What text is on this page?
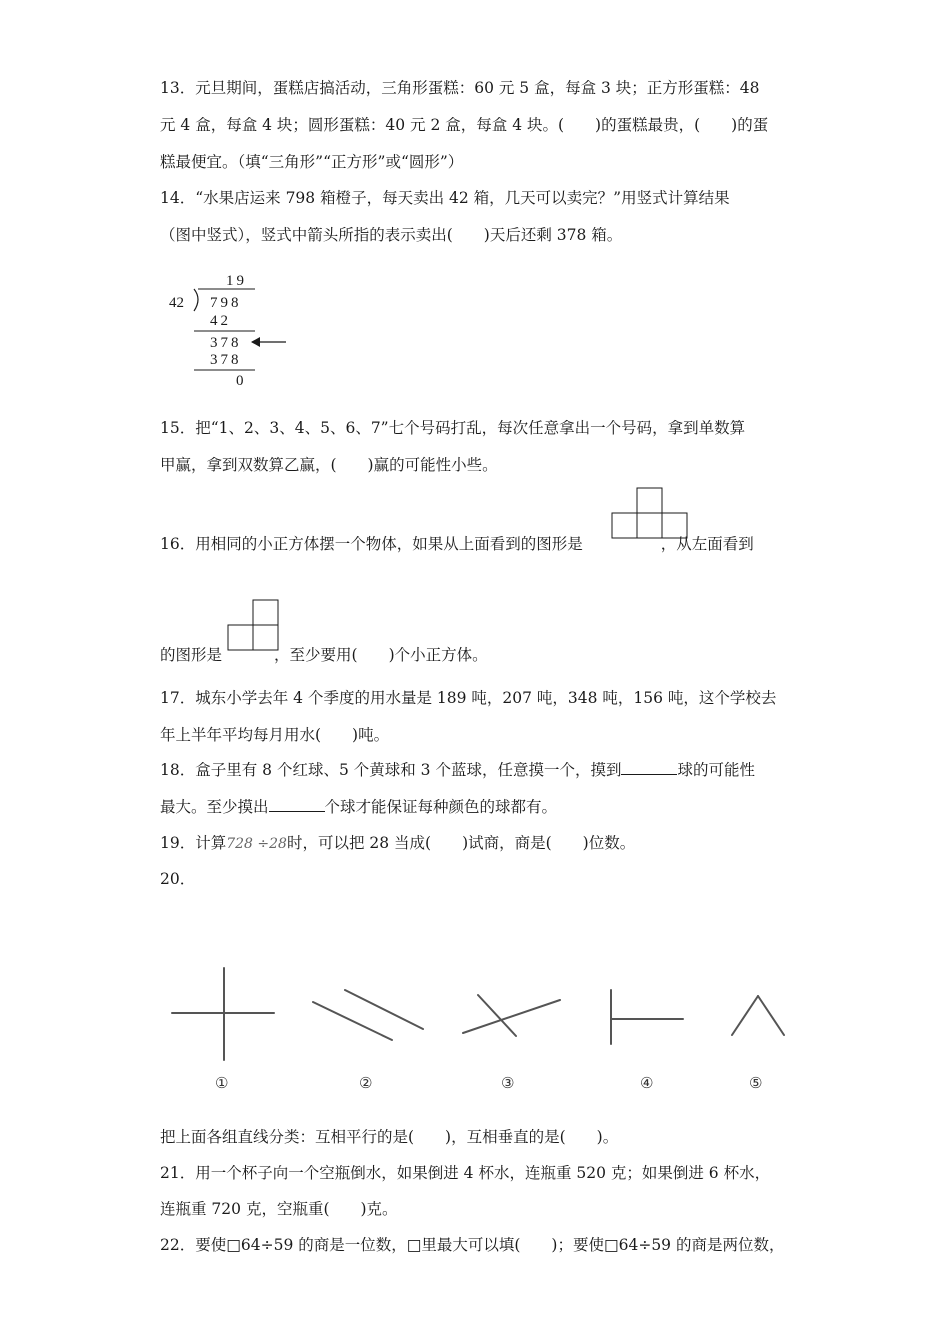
13．元旦期间，蛋糕店搞活动，三角形蛋糕：60 元 5 盒，每盒 3 块；正方形蛋糕：48
元 4 盒，每盒 4 块；圆形蛋糕：40 元 2 盒，每盒 4 块。(　　)的蛋糕最贵，(　　)的蛋
糕最便宜。（填“三角形”“正方形”或“圆形”）
14．“水果店运来 798 箱橙子，每天卖出 42 箱，几天可以卖完？”用竖式计算结果
（图中竖式），竖式中箭头所指的表示卖出(　　)天后还剩 378 箱。
19
42 798
42
378
378
0
15．把“1、2、3、4、5、6、7”七个号码打乱，每次任意拿出一个号码，拿到单数算
甲赢，拿到双数算乙赢，(　　)赢的可能性小些。
16．用相同的小正方体摆一个物体，如果从上面看到的图形是	，从左面看到
的图形是	，至少要用(　　)个小正方体。
17．城东小学去年 4 个季度的用水量是 189 吨，207 吨，348 吨，156 吨，这个学校去
年上半年平均每月用水(　　)吨。
18．盒子里有 8 个红球、5 个黄球和 3 个蓝球，任意摸一个，摸到	球的可能性
最大。至少摸出	个球才能保证每种颜色的球都有。
19．计算728 ÷28时，可以把 28 当成(　　)试商，商是(　　)位数。
20．
①	②	③	④	⑤
把上面各组直线分类：互相平行的是(　　)，互相垂直的是(　　)。
21．用一个杯子向一个空瓶倒水，如果倒进 4 杯水，连瓶重 520 克；如果倒进 6 杯水，
连瓶重 720 克，空瓶重(　　)克。
22．要使□64÷59 的商是一位数，□里最大可以填(　　)；要使□64÷59 的商是两位数，
